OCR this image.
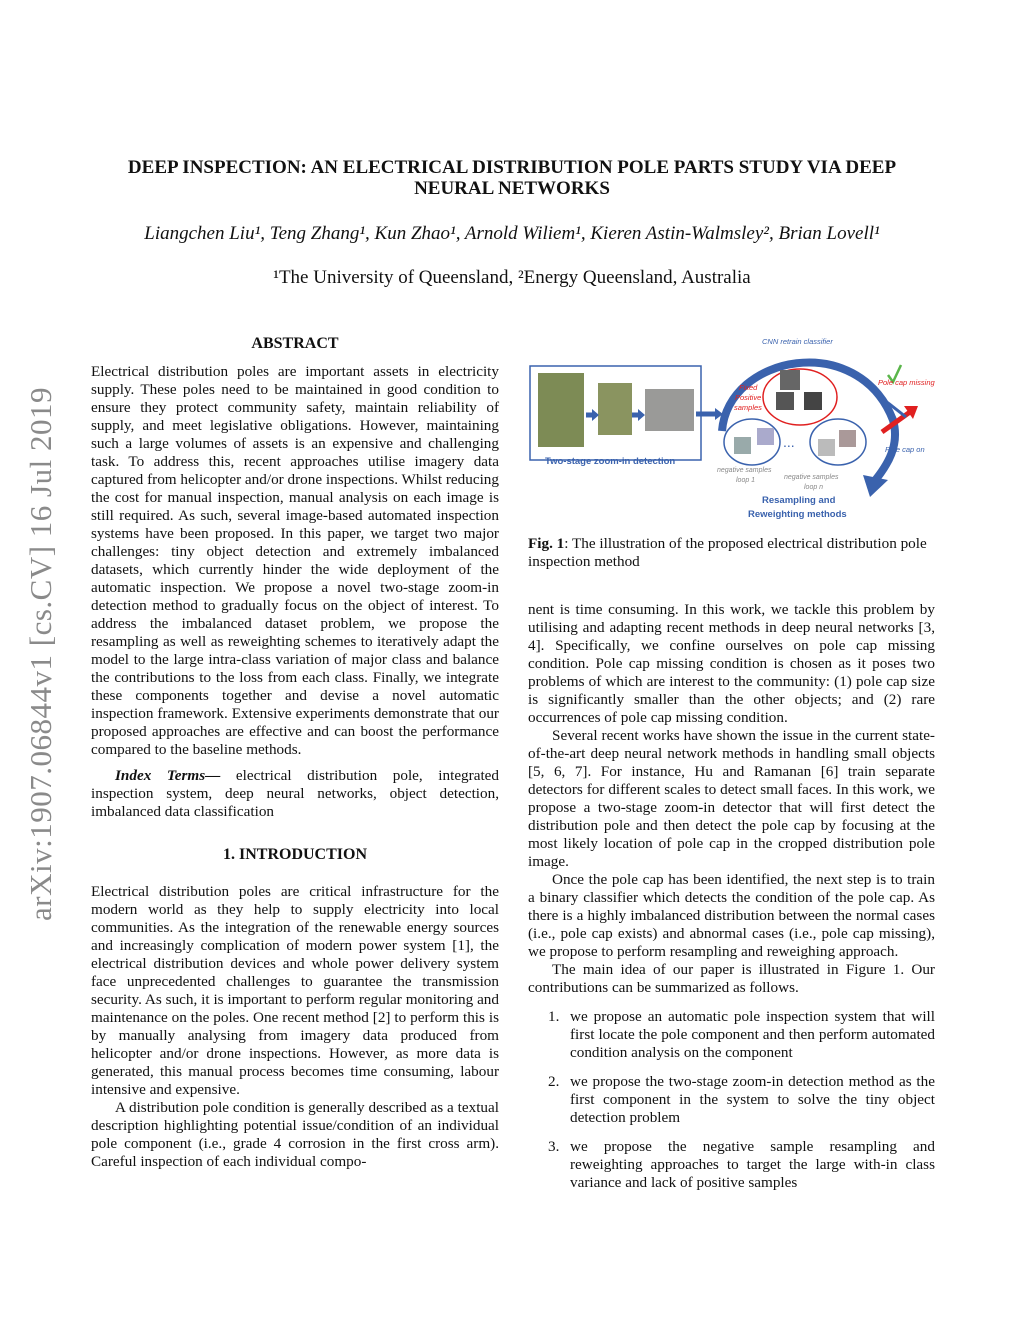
arXiv:1907.06844v1 [cs.CV] 16 Jul 2019
DEEP INSPECTION: AN ELECTRICAL DISTRIBUTION POLE PARTS STUDY VIA DEEP NEURAL NETWORKS
Liangchen Liu¹, Teng Zhang¹, Kun Zhao¹, Arnold Wiliem¹, Kieren Astin-Walmsley², Brian Lovell¹
¹The University of Queensland, ²Energy Queensland, Australia
ABSTRACT

Electrical distribution poles are important assets in electricity supply. These poles need to be maintained in good condition to ensure they protect community safety, maintain reliability of supply, and meet legislative obligations. However, maintaining such a large volumes of assets is an expensive and challenging task. To address this, recent approaches utilise imagery data captured from helicopter and/or drone inspections. Whilst reducing the cost for manual inspection, manual analysis on each image is still required. As such, several image-based automated inspection systems have been proposed. In this paper, we target two major challenges: tiny object detection and extremely imbalanced datasets, which currently hinder the wide deployment of the automatic inspection. We propose a novel two-stage zoom-in detection method to gradually focus on the object of interest. To address the imbalanced dataset problem, we propose the resampling as well as reweighting schemes to iteratively adapt the model to the large intra-class variation of major class and balance the contributions to the loss from each class. Finally, we integrate these components together and devise a novel automatic inspection framework. Extensive experiments demonstrate that our proposed approaches are effective and can boost the performance compared to the baseline methods.

Index Terms— electrical distribution pole, integrated inspection system, deep neural networks, object detection, imbalanced data classification

1. INTRODUCTION

Electrical distribution poles are critical infrastructure for the modern world as they help to supply electricity into local communities. As the integration of the renewable energy sources and increasingly complication of modern power system [1], the electrical distribution devices and whole power delivery system face unprecedented challenges to guarantee the transmission security. As such, it is important to perform regular monitoring and maintenance on the poles. One recent method [2] to perform this is by manually analysing from imagery data produced from helicopter and/or drone inspections. However, as more data is generated, this manual process becomes time consuming, labour intensive and expensive.

A distribution pole condition is generally described as a textual description highlighting potential issue/condition of an individual pole component (i.e., grade 4 corrosion in the first cross arm). Careful inspection of each individual compo-

...
CNN retrain classifier
Fixed
Positive
samples
Pole cap missing
Pole cap on
Two-stage zoom-in detection
negative samples
loop 1	negative samples
loop n
Resampling and
Reweighting methods
Fig. 1: The illustration of the proposed electrical distribution pole inspection method

nent is time consuming. In this work, we tackle this problem by utilising and adapting recent methods in deep neural networks [3, 4]. Specifically, we confine ourselves on pole cap missing condition. Pole cap missing condition is chosen as it poses two problems of which are interest to the community: (1) pole cap size is significantly smaller than the other objects; and (2) rare occurrences of pole cap missing condition.

Several recent works have shown the issue in the current state-of-the-art deep neural network methods in handling small objects [5, 6, 7]. For instance, Hu and Ramanan [6] train separate detectors for different scales to detect small faces. In this work, we propose a two-stage zoom-in detector that will first detect the distribution pole and then detect the pole cap by focusing at the most likely location of pole cap in the cropped distribution pole image.

Once the pole cap has been identified, the next step is to train a binary classifier which detects the condition of the pole cap. As there is a highly imbalanced distribution between the normal cases (i.e., pole cap exists) and abnormal cases (i.e., pole cap missing), we propose to perform resampling and reweighing approach.

The main idea of our paper is illustrated in Figure 1. Our contributions can be summarized as follows.

1. we propose an automatic pole inspection system that will first locate the pole component and then perform automated condition analysis on the component
2. we propose the two-stage zoom-in detection method as the first component in the system to solve the tiny object detection problem
3. we propose the negative sample resampling and reweighting approaches to target the large with-in class variance and lack of positive samples
